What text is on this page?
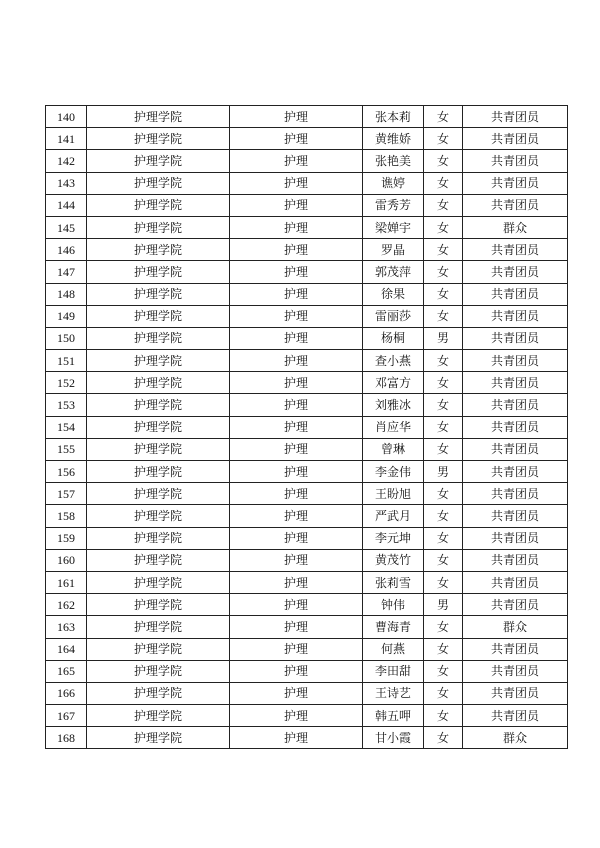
140	护理学院	护理	张本莉	女	共青团员
141	护理学院	护理	黄维娇	女	共青团员
142	护理学院	护理	张艳美	女	共青团员
143	护理学院	护理	谯婷	女	共青团员
144	护理学院	护理	雷秀芳	女	共青团员
145	护理学院	护理	梁婵宇	女	群众
146	护理学院	护理	罗晶	女	共青团员
147	护理学院	护理	郭茂萍	女	共青团员
148	护理学院	护理	徐果	女	共青团员
149	护理学院	护理	雷丽莎	女	共青团员
150	护理学院	护理	杨桐	男	共青团员
151	护理学院	护理	查小燕	女	共青团员
152	护理学院	护理	邓富方	女	共青团员
153	护理学院	护理	刘雅冰	女	共青团员
154	护理学院	护理	肖应华	女	共青团员
155	护理学院	护理	曾琳	女	共青团员
156	护理学院	护理	李金伟	男	共青团员
157	护理学院	护理	王盼旭	女	共青团员
158	护理学院	护理	严武月	女	共青团员
159	护理学院	护理	李元坤	女	共青团员
160	护理学院	护理	黄茂竹	女	共青团员
161	护理学院	护理	张莉雪	女	共青团员
162	护理学院	护理	钟伟	男	共青团员
163	护理学院	护理	曹海青	女	群众
164	护理学院	护理	何燕	女	共青团员
165	护理学院	护理	李田甜	女	共青团员
166	护理学院	护理	王诗艺	女	共青团员
167	护理学院	护理	韩五呷	女	共青团员
168	护理学院	护理	甘小霞	女	群众
